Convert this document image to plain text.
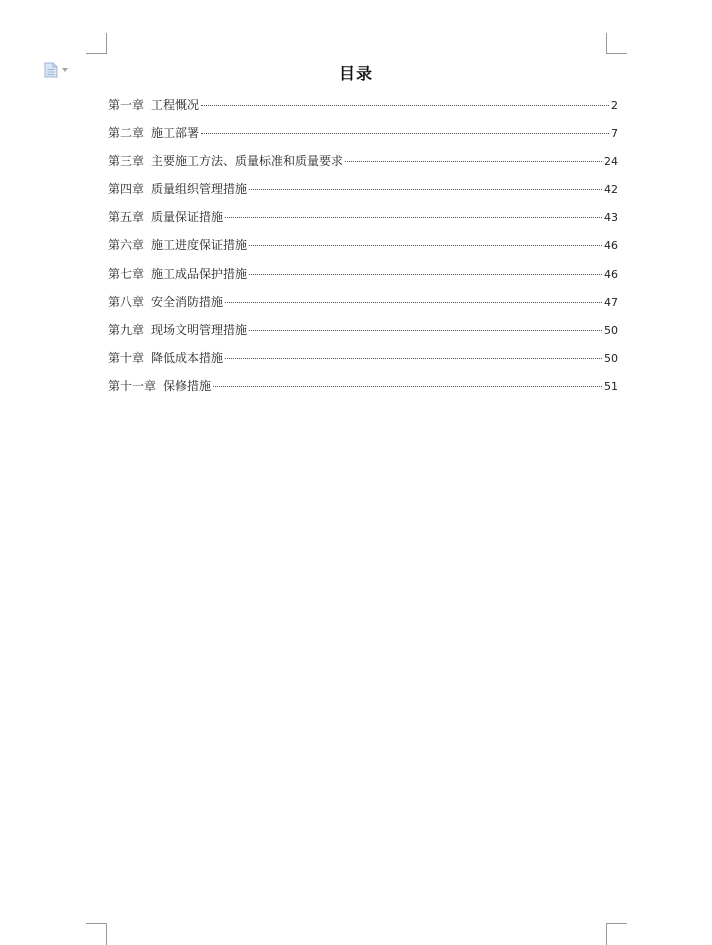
目录
第一章 工程慨况	2
第二章 施工部署	7
第三章 主要施工方法、质量标准和质量要求	24
第四章 质量组织管理措施	42
第五章 质量保证措施	43
第六章 施工进度保证措施	46
第七章 施工成品保护措施	46
第八章 安全消防措施	47
第九章 现场文明管理措施	50
第十章 降低成本措施	50
第十一章 保修措施	51
